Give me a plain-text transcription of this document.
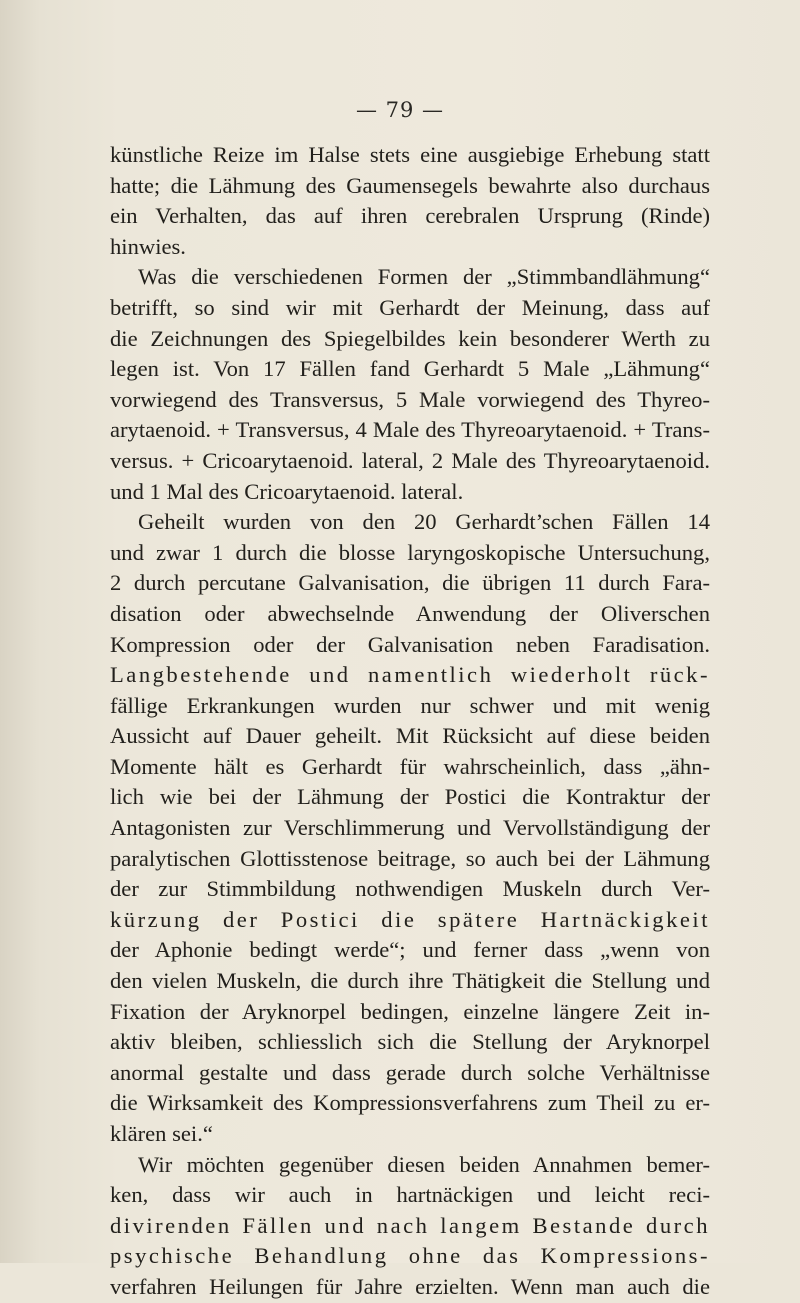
— 79 —
künstliche Reize im Halse stets eine ausgiebige Erhebung statt
hatte; die Lähmung des Gaumensegels bewahrte also durchaus
ein Verhalten, das auf ihren cerebralen Ursprung (Rinde)
hinwies.
Was die verschiedenen Formen der „Stimmbandlähmung“
betrifft, so sind wir mit Gerhardt der Meinung, dass auf
die Zeichnungen des Spiegelbildes kein besonderer Werth zu
legen ist. Von 17 Fällen fand Gerhardt 5 Male „Lähmung“
vorwiegend des Transversus, 5 Male vorwiegend des Thyreo-
arytaenoid. + Transversus, 4 Male des Thyreoarytaenoid. + Trans-
versus. + Cricoarytaenoid. lateral, 2 Male des Thyreoarytaenoid.
und 1 Mal des Cricoarytaenoid. lateral.
Geheilt wurden von den 20 Gerhardt’schen Fällen 14
und zwar 1 durch die blosse laryngoskopische Untersuchung,
2 durch percutane Galvanisation, die übrigen 11 durch Fara-
disation oder abwechselnde Anwendung der Oliverschen
Kompression oder der Galvanisation neben Faradisation.
Langbestehende und namentlich wiederholt rück-
fällige Erkrankungen wurden nur schwer und mit wenig
Aussicht auf Dauer geheilt. Mit Rücksicht auf diese beiden
Momente hält es Gerhardt für wahrscheinlich, dass „ähn-
lich wie bei der Lähmung der Postici die Kontraktur der
Antagonisten zur Verschlimmerung und Vervollständigung der
paralytischen Glottisstenose beitrage, so auch bei der Lähmung
der zur Stimmbildung nothwendigen Muskeln durch Ver-
kürzung der Postici die spätere Hartnäckigkeit
der Aphonie bedingt werde“; und ferner dass „wenn von
den vielen Muskeln, die durch ihre Thätigkeit die Stellung und
Fixation der Aryknorpel bedingen, einzelne längere Zeit in-
aktiv bleiben, schliesslich sich die Stellung der Aryknorpel
anormal gestalte und dass gerade durch solche Verhältnisse
die Wirksamkeit des Kompressionsverfahrens zum Theil zu er-
klären sei.“
Wir möchten gegenüber diesen beiden Annahmen bemer-
ken, dass wir auch in hartnäckigen und leicht reci-
divirenden Fällen und nach langem Bestande durch
psychische Behandlung ohne das Kompressions-
verfahren Heilungen für Jahre erzielten. Wenn man auch die
